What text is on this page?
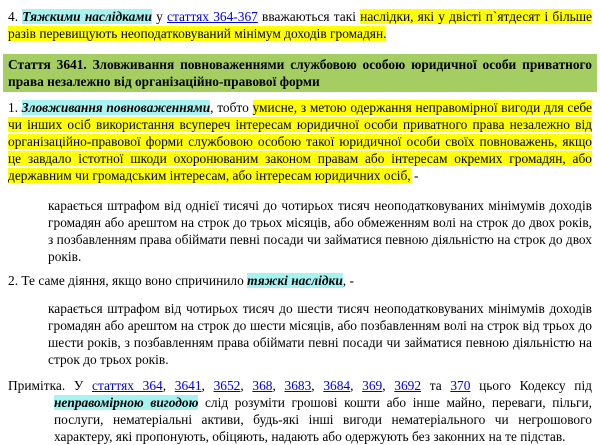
4. Тяжкими наслідками у статтях 364-367 вважаються такі наслідки, які у двісті п`ятдесят і більше разів перевищують неоподатковуваний мінімум доходів громадян.

Стаття 3641. Зловживання повноваженнями службовою особою юридичної особи приватного права незалежно від організаційно-правової форми

1. Зловживання повноваженнями, тобто умисне, з метою одержання неправомірної вигоди для себе чи інших осіб використання всупереч інтересам юридичної особи приватного права незалежно від організаційно-правової форми службовою особою такої юридичної особи своїх повноважень, якщо це завдало істотної шкоди охоронюваним законом правам або інтересам окремих громадян, або державним чи громадським інтересам, або інтересам юридичних осіб, -

карається штрафом від однієї тисячі до чотирьох тисяч неоподатковуваних мінімумів доходів громадян або арештом на строк до трьох місяців, або обмеженням волі на строк до двох років, з позбавленням права обіймати певні посади чи займатися певною діяльністю на строк до двох років.

2. Те саме діяння, якщо воно спричинило тяжкі наслідки, -

карається штрафом від чотирьох тисяч до шести тисяч неоподатковуваних мінімумів доходів громадян або арештом на строк до шести місяців, або позбавленням волі на строк від трьох до шести років, з позбавленням права обіймати певні посади чи займатися певною діяльністю на строк до трьох років.

Примітка. У статтях 364, 3641, 3652, 368, 3683, 3684, 369, 3692 та 370 цього Кодексу під неправомірною вигодою слід розуміти грошові кошти або інше майно, переваги, пільги, послуги, нематеріальні активи, будь-які інші вигоди нематеріального чи негрошового характеру, які пропонують, обіцяють, надають або одержують без законних на те підстав.
